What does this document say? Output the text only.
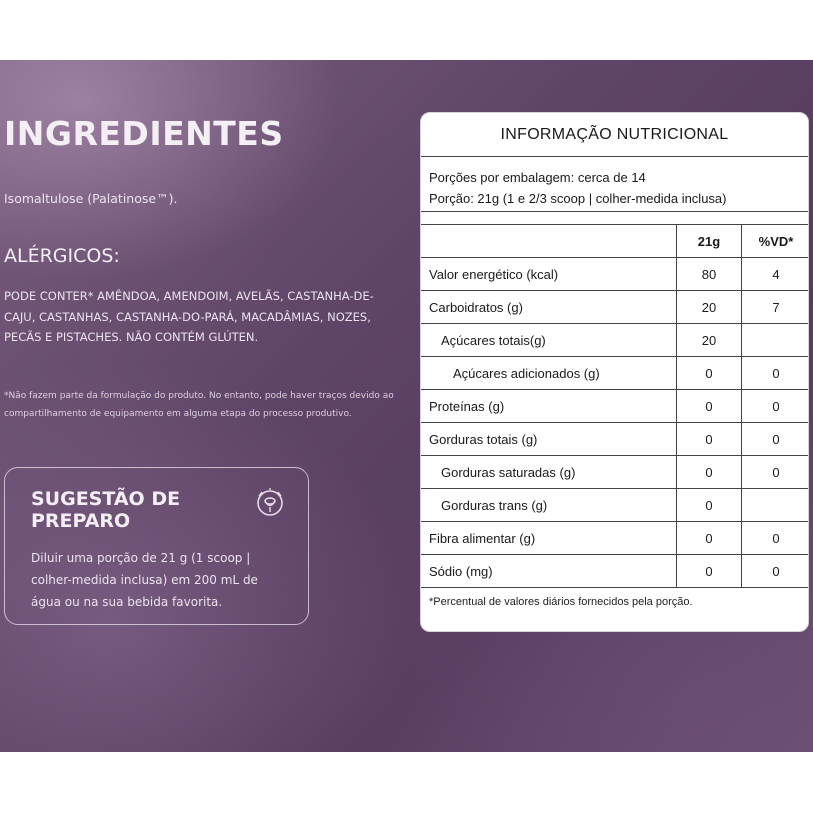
INGREDIENTES
Isomaltulose (Palatinose™).
ALÉRGICOS:
PODE CONTER* AMÊNDOA, AMENDOIM, AVELÃS, CASTANHA-DE-CAJU, CASTANHAS, CASTANHA-DO-PARÁ, MACADÂMIAS, NOZES, PECÃS E PISTACHES. NÃO CONTÉM GLÚTEN.
*Não fazem parte da formulação do produto. No entanto, pode haver traços devido ao compartilhamento de equipamento em alguma etapa do processo produtivo.
SUGESTÃO DE PREPARO
Diluir uma porção de 21 g (1 scoop | colher-medida inclusa) em 200 mL de água ou na sua bebida favorita.
INFORMAÇÃO NUTRICIONAL
Porções por embalagem: cerca de 14
Porção: 21g (1 e 2/3 scoop | colher-medida inclusa)
	21g	%VD*
Valor energético (kcal)	80	4
Carboidratos (g)	20	7
Açúcares totais(g)	20	
Açúcares adicionados (g)	0	0
Proteínas (g)	0	0
Gorduras totais (g)	0	0
Gorduras saturadas (g)	0	0
Gorduras trans (g)	0	
Fibra alimentar (g)	0	0
Sódio (mg)	0	0
*Percentual de valores diários fornecidos pela porção.
